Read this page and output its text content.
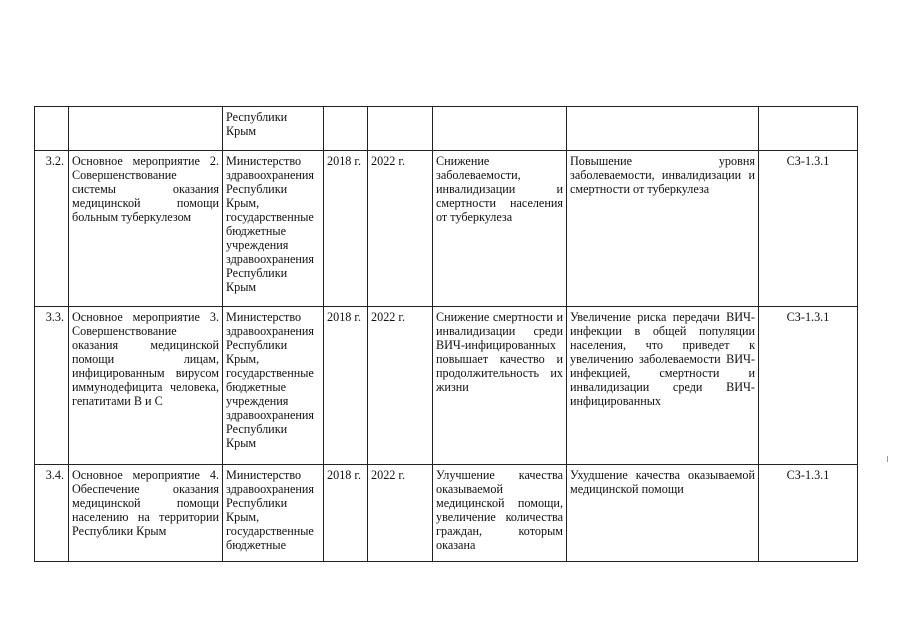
		Республики Крым					
3.2.	Основное мероприятие 2. Совершенствование системы оказания медицинской помощи больным туберкулезом	Министерство здравоохранения Республики Крым, государственные бюджетные учреждения здравоохранения Республики Крым	2018 г.	2022 г.	Снижение заболеваемости, инвалидизации и смертности населения от туберкулеза	Повышение уровня заболеваемости, инвалидизации и смертности от туберкулеза	СЗ-1.3.1
3.3.	Основное мероприятие 3. Совершенствование оказания медицинской помощи лицам, инфицированным вирусом иммунодефицита человека, гепатитами В и С	Министерство здравоохранения Республики Крым, государственные бюджетные учреждения здравоохранения Республики Крым	2018 г.	2022 г.	Снижение смертности и инвалидизации среди ВИЧ-инфицированных повышает качество и продолжительность их жизни	Увеличение риска передачи ВИЧ-инфекции в общей популяции населения, что приведет к увеличению заболеваемости ВИЧ-инфекцией, смертности и инвалидизации среди ВИЧ-инфицированных	СЗ-1.3.1
3.4.	Основное мероприятие 4. Обеспечение оказания медицинской помощи населению на территории Республики Крым	Министерство здравоохранения Республики Крым, государственные бюджетные	2018 г.	2022 г.	Улучшение качества оказываемой медицинской помощи, увеличение количества граждан, которым оказана	Ухудшение качества оказываемой медицинской помощи	СЗ-1.3.1
